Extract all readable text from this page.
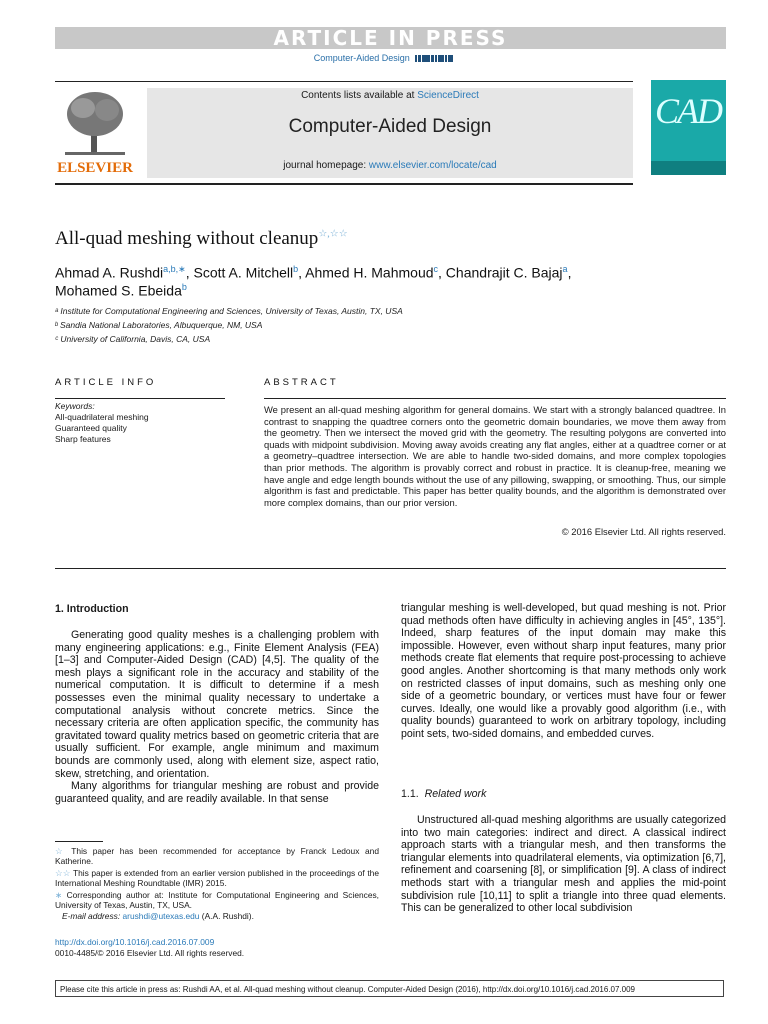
ARTICLE IN PRESS
Computer-Aided Design
ELSEVIER
Contents lists available at ScienceDirect
Computer-Aided Design
journal homepage: www.elsevier.com/locate/cad
CAD
All-quad meshing without cleanup☆,☆☆
Ahmad A. Rushdi$^{a,b,∗}$, Scott A. Mitchell$^b$, Ahmed H. Mahmoud$^c$, Chandrajit C. Bajaj$^a$,
Mohamed S. Ebeida$^b$
ᵃ Institute for Computational Engineering and Sciences, University of Texas, Austin, TX, USA
ᵇ Sandia National Laboratories, Albuquerque, NM, USA
ᶜ University of California, Davis, CA, USA
ARTICLE INFO	ABSTRACT
Keywords:
All-quadrilateral meshing
Guaranteed quality
Sharp features
We present an all-quad meshing algorithm for general domains. We start with a strongly balanced quadtree. In contrast to snapping the quadtree corners onto the geometric domain boundaries, we move them away from the geometry. Then we intersect the moved grid with the geometry. The resulting polygons are converted into quads with midpoint subdivision. Moving away avoids creating any flat angles, either at a quadtree corner or at a geometry–quadtree intersection. We are able to handle two-sided domains, and more complex topologies than prior methods. The algorithm is provably correct and robust in practice. It is cleanup-free, meaning we have angle and edge length bounds without the use of any pillowing, swapping, or smoothing. Thus, our simple algorithm is fast and predictable. This paper has better quality bounds, and the algorithm is demonstrated over more complex domains, than our prior version.
© 2016 Elsevier Ltd. All rights reserved.
1. Introduction

Generating good quality meshes is a challenging problem with many engineering applications: e.g., Finite Element Analysis (FEA) [1–3] and Computer-Aided Design (CAD) [4,5]. The quality of the mesh plays a significant role in the accuracy and stability of the numerical computation. It is difficult to determine if a mesh possesses even the minimal quality necessary to undertake a computational analysis without concrete metrics. Since the necessary criteria are often application specific, the community has gravitated toward quality metrics based on geometric criteria that are usually sufficient. For example, angle minimum and maximum bounds are commonly used, along with element size, aspect ratio, skew, stretching, and orientation.

Many algorithms for triangular meshing are robust and provide guaranteed quality, and are readily available. In that sense

triangular meshing is well-developed, but quad meshing is not. Prior quad methods often have difficulty in achieving angles in [45°, 135°]. Indeed, sharp features of the input domain may make this impossible. However, even without sharp input features, many prior methods create flat elements that require post-processing to achieve good angles. Another shortcoming is that many methods only work on restricted classes of input domains, such as meshing only one side of a geometric boundary, or vertices must have four or fewer curves. Ideally, one would like a provably good algorithm (i.e., with quality bounds) guaranteed to work on arbitrary topology, including point sets, two-sided domains, and embedded curves.

1.1. Related work

Unstructured all-quad meshing algorithms are usually categorized into two main categories: indirect and direct. A classical indirect approach starts with a triangular mesh, and then transforms the triangular elements into quadrilateral elements, via optimization [6,7], refinement and coarsening [8], or simplification [9]. A class of indirect methods start with a triangular mesh and applies the mid-point subdivision rule [10,11] to split a triangle into three quad elements. This can be generalized to other local subdivision

☆ This paper has been recommended for acceptance by Franck Ledoux and Katherine.

☆☆ This paper is extended from an earlier version published in the proceedings of the International Meshing Roundtable (IMR) 2015.

∗ Corresponding author at: Institute for Computational Engineering and Sciences, University of Texas, Austin, TX, USA.

E-mail address: arushdi@utexas.edu (A.A. Rushdi).

http://dx.doi.org/10.1016/j.cad.2016.07.009
0010-4485/© 2016 Elsevier Ltd. All rights reserved.
Please cite this article in press as: Rushdi AA, et al. All-quad meshing without cleanup. Computer-Aided Design (2016), http://dx.doi.org/10.1016/j.cad.2016.07.009
